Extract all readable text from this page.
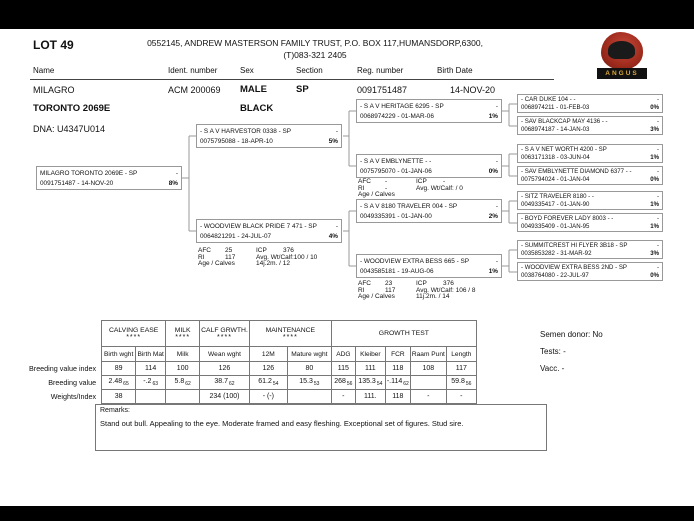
LOT 49	0552145, ANDREW MASTERSON FAMILY TRUST, P.O. BOX 117,HUMANSDORP,6300,
(T)083-321 2405
ANGUS
Name	Ident. number	Sex	Section	Reg. number	Birth Date
MILAGRO	ACM 200069 MALE	SP	0091751487	14-NOV-20
TORONTO 2069E	BLACK
DNA: U4347U014
MILAGRO TORONTO 2069E - SP	-
0091751487 - 14-NOV-20	8%
- S A V HARVESTOR 0338 - SP	-
0075795088 - 18-APR-10	5%
- WOODVIEW BLACK PRIDE 7 471 - SP	-
0064821291 - 24-JUL-07	4%
AFC 25	ICP 376
RI	117	Avg. Wt/Calf:100 / 10
Age / Calves	14j.2m. / 12
- S A V HERITAGE 6295 - SP	-
0068974229 - 01-MAR-06	1%
- S A V EMBLYNETTE - -	-
0075795070 - 01-JAN-06	0%
AFC -	ICP -
RI	-	Avg. Wt/Calf: / 0
Age / Calves
- S A V 8180 TRAVELER 004 - SP	-
0049335391 - 01-JAN-00	2%
- WOODVIEW EXTRA BESS 665 - SP	-
0043585181 - 19-AUG-06	1%
AFC 23	ICP 376
RI	117	Avg. Wt/Calf: 106 / 8
Age / Calves	11j.2m. / 14
- CAR DUKE 104 - -	-
0068974211 - 01-FEB-03	0%
- SAV BLACKCAP MAY 4136 - -	-
0068974187 - 14-JAN-03	3%
- S A V NET WORTH 4200 - SP	-
0063171318 - 03-JUN-04	1%
- SAV EMBLYNETTE DIAMOND 6377 - -	-
0075794024 - 01-JAN-04	0%
- SITZ TRAVELER 8180 - -	-
0049335417 - 01-JAN-90	1%
- BOYD FOREVER LADY 8003 - -	-
0049335409 - 01-JAN-95	1%
- SUMMITCREST HI FLYER 3B18 - SP	-
0035853282 - 31-MAR-92	3%
- WOODVIEW EXTRA BESS 2ND - SP	-
0038764080 - 22-JUL-97	0%

CALVING EASE
****

MILK
****

CALF GRWTH.
****

MAINTENANCE
****	GROWTH TEST

	Birth wght	Birth Mat	Milk	Wean wght	12M	Mature wght	ADG	Kleiber	FCR	Raam Punt	Length
Breeding value index	89	114	100	126	126	80	115	111	118	108	117
Breeding value	$2.48_{65}$	$-.2_{63}$	$5.8_{62}$	$38.7_{62}$	$61.2_{54}$	$15.3_{53}$	$268_{56}$	$135.3_{54}$	$-.114_{62}$		$59.8_{56}$
Weights/Index	38			234 (100)	- (-)		-	111.	118	-	-
Semen donor: No
Tests: -
Vacc. -
Remarks:
Stand out bull. Appealing to the eye. Moderate framed and easy fleshing. Exceptional set of figures. Stud sire.
